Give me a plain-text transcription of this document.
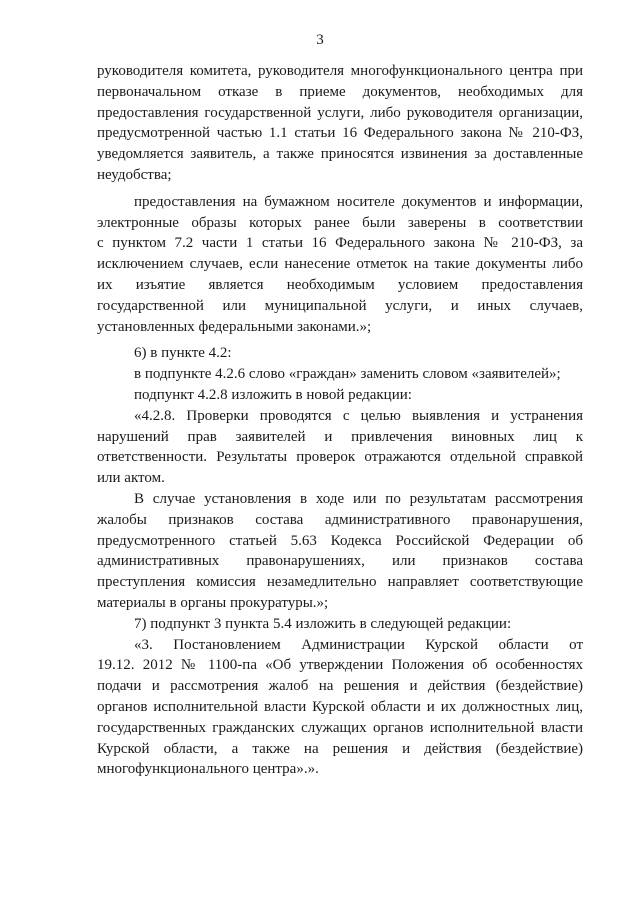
3
руководителя комитета, руководителя многофункционального центра при
первоначальном отказе в приеме документов, необходимых для
предоставления государственной услуги, либо руководителя организации,
предусмотренной частью 1.1 статьи 16 Федерального закона № 210-ФЗ,
уведомляется заявитель, а также приносятся извинения за доставленные
неудобства;
предоставления на бумажном носителе документов и информации,
электронные образы которых ранее были заверены в соответствии
с пунктом 7.2 части 1 статьи 16 Федерального закона № 210-ФЗ, за
исключением случаев, если нанесение отметок на такие документы либо
их изъятие является необходимым условием предоставления
государственной или муниципальной услуги, и иных случаев,
установленных федеральными законами.»;
6) в пункте 4.2:
в подпункте 4.2.6 слово «граждан» заменить словом «заявителей»;
подпункт 4.2.8 изложить в новой редакции:
«4.2.8. Проверки проводятся с целью выявления и устранения
нарушений прав заявителей и привлечения виновных лиц к
ответственности. Результаты проверок отражаются отдельной справкой
или актом.
В случае установления в ходе или по результатам рассмотрения
жалобы признаков состава административного правонарушения,
предусмотренного статьей 5.63 Кодекса Российской Федерации об
административных правонарушениях, или признаков состава
преступления комиссия незамедлительно направляет соответствующие
материалы в органы прокуратуры.»;
7) подпункт 3 пункта 5.4 изложить в следующей редакции:
«3. Постановлением Администрации Курской области от
19.12. 2012 № 1100-па «Об утверждении Положения об особенностях
подачи и рассмотрения жалоб на решения и действия (бездействие)
органов исполнительной власти Курской области и их должностных лиц,
государственных гражданских служащих органов исполнительной власти
Курской области, а также на решения и действия (бездействие)
многофункционального центра».».
